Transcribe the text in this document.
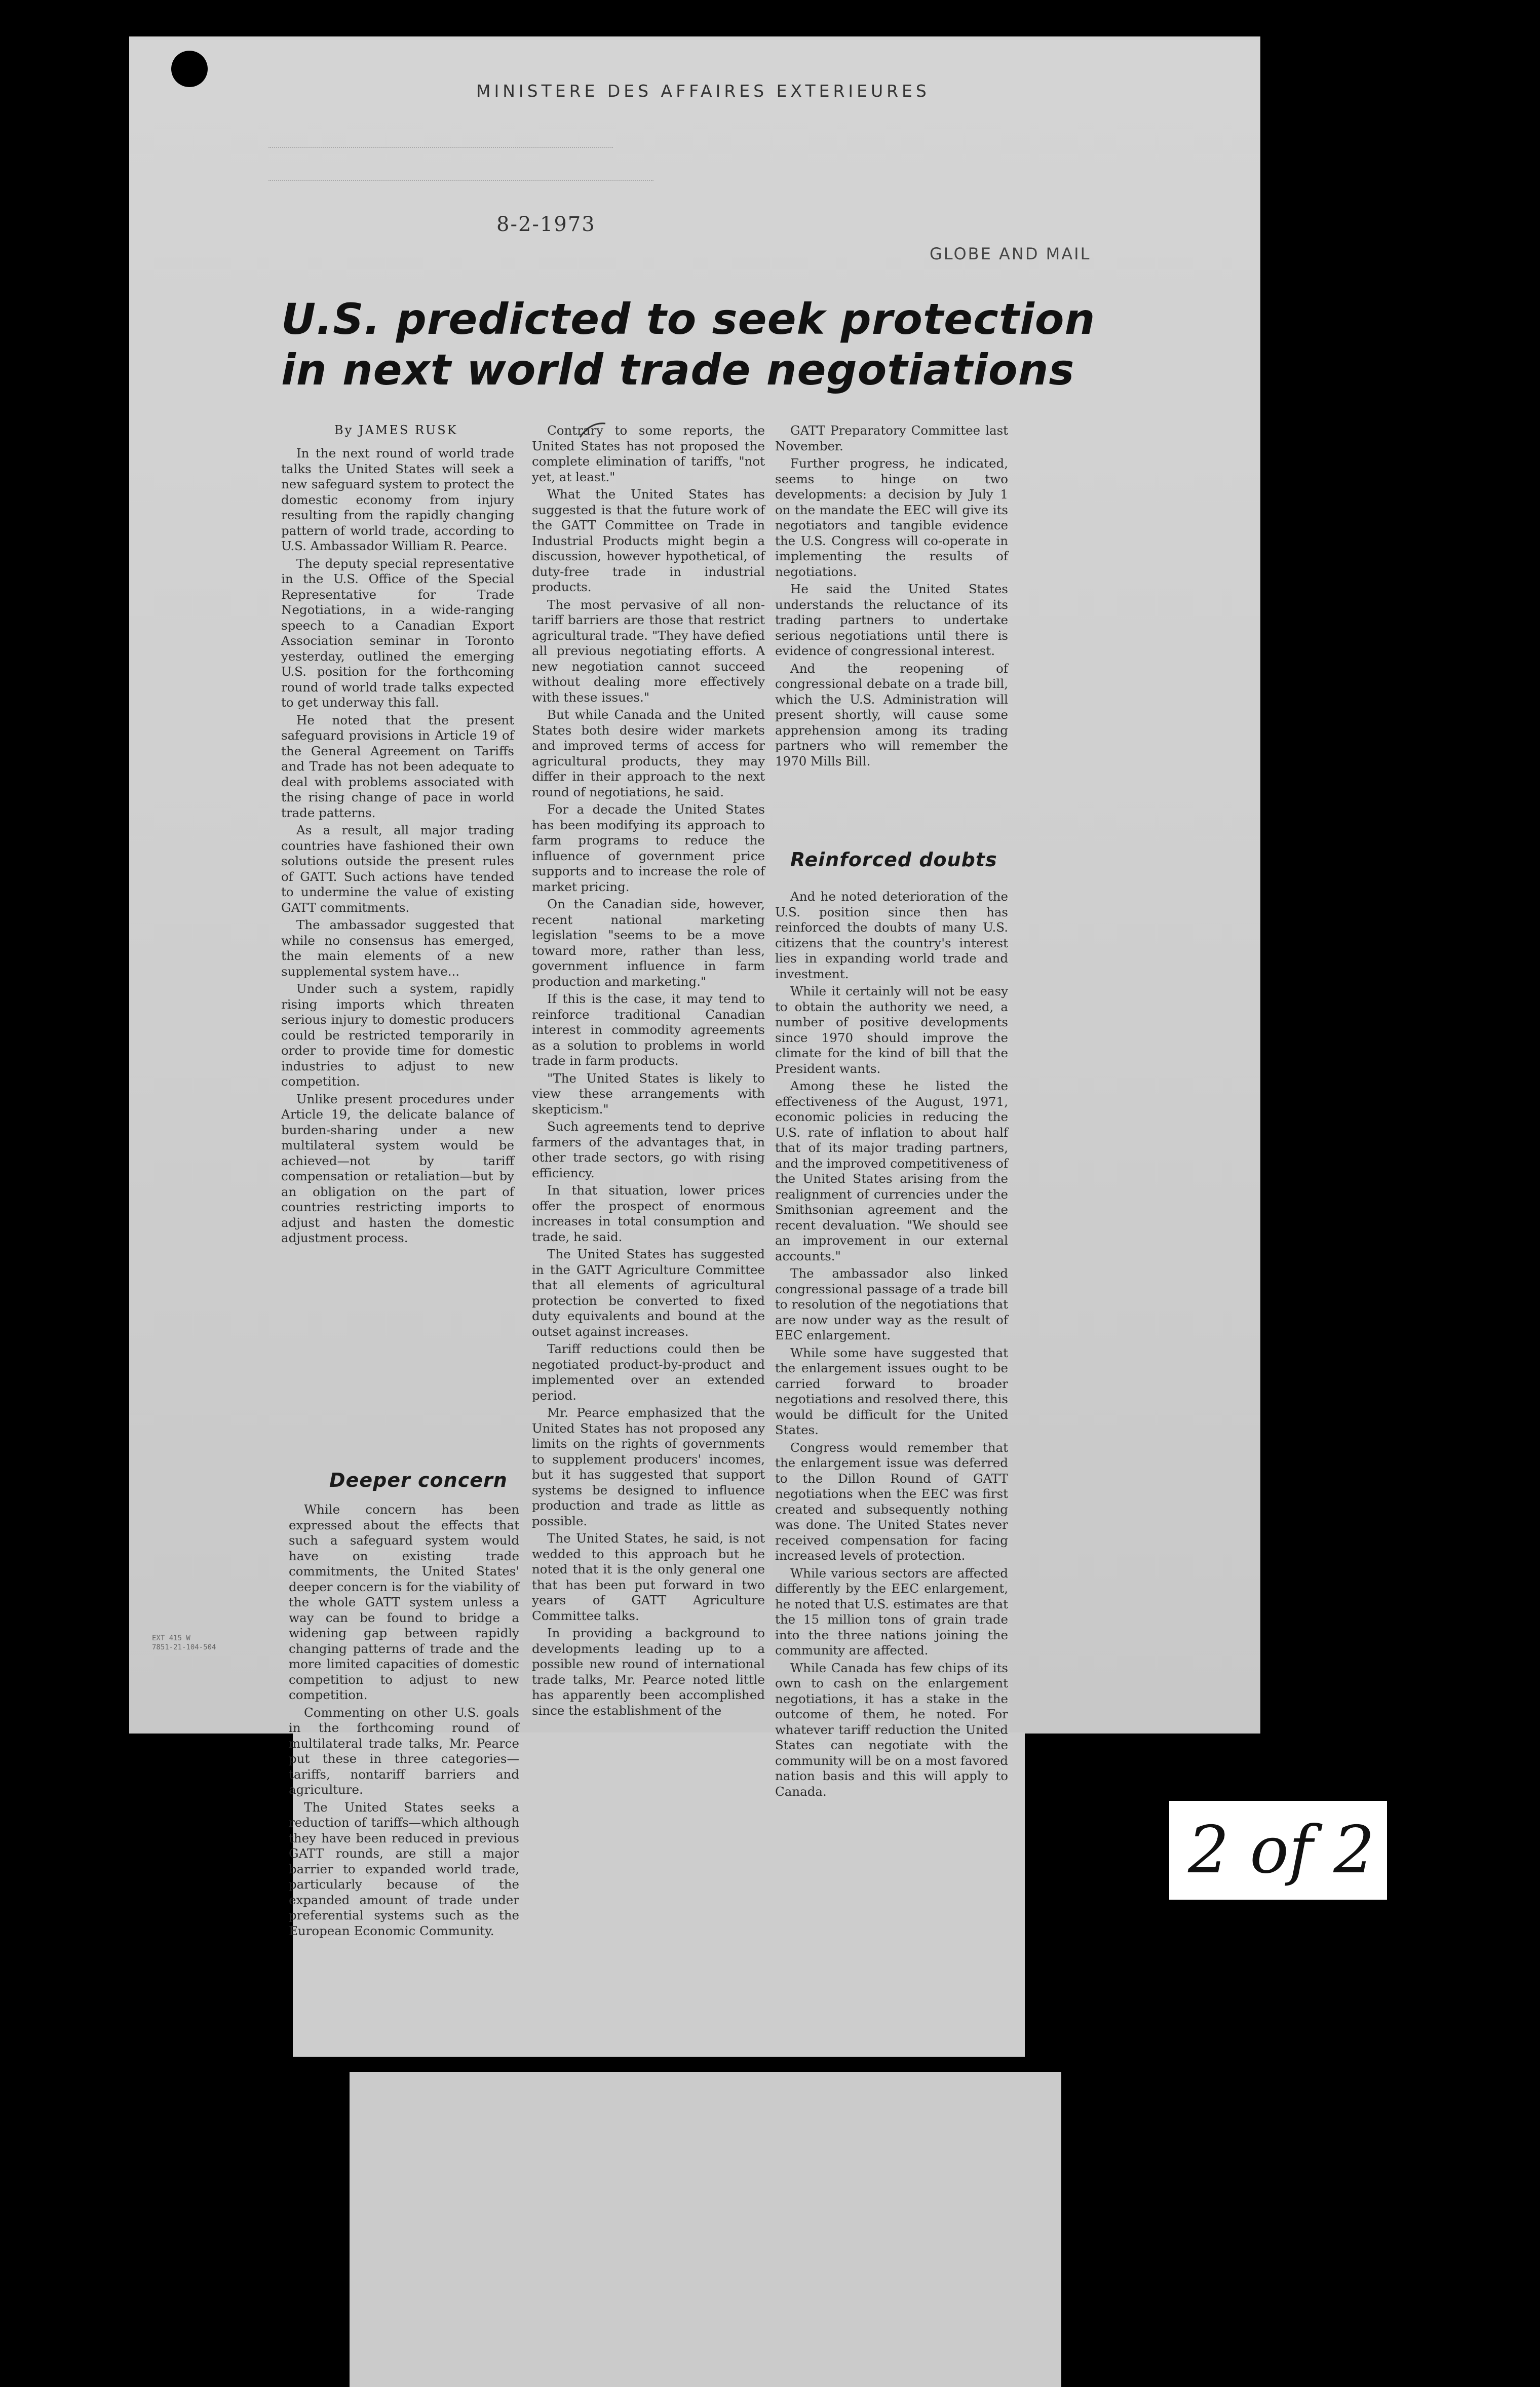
MINISTERE DES AFFAIRES EXTERIEURES
8-2-1973
GLOBE AND MAIL
U.S. predicted to seek protection
in next world trade negotiations
By JAMES RUSK

In the next round of world trade talks the United States will seek a new safeguard system to protect the domestic economy from injury resulting from the rapidly changing pattern of world trade, according to U.S. Ambassador William R. Pearce.

The deputy special representative in the U.S. Office of the Special Representative for Trade Negotiations, in a wide-ranging speech to a Canadian Export Association seminar in Toronto yesterday, outlined the emerging U.S. position for the forthcoming round of world trade talks expected to get underway this fall.

He noted that the present safeguard provisions in Article 19 of the General Agreement on Tariffs and Trade has not been adequate to deal with problems associated with the rising change of pace in world trade patterns.

As a result, all major trading countries have fashioned their own solutions outside the present rules of GATT. Such actions have tended to undermine the value of existing GATT commitments.

The ambassador suggested that while no consensus has emerged, the main elements of a new supplemental system have...

Under such a system, rapidly rising imports which threaten serious injury to domestic producers could be restricted temporarily in order to provide time for domestic industries to adjust to new competition.

Unlike present procedures under Article 19, the delicate balance of burden-sharing under a new multilateral system would be achieved—not by tariff compensation or retaliation—but by an obligation on the part of countries restricting imports to adjust and hasten the domestic adjustment process.

Deeper concern

While concern has been expressed about the effects that such a safeguard system would have on existing trade commitments, the United States' deeper concern is for the viability of the whole GATT system unless a way can be found to bridge a widening gap between rapidly changing patterns of trade and the more limited capacities of domestic competition to adjust to new competition.

Commenting on other U.S. goals in the forthcoming round of multilateral trade talks, Mr. Pearce put these in three categories—tariffs, nontariff barriers and agriculture.

The United States seeks a reduction of tariffs—which although they have been reduced in previous GATT rounds, are still a major barrier to expanded world trade, particularly because of the expanded amount of trade under preferential systems such as the European Economic Community.

Contrary to some reports, the United States has not proposed the complete elimination of tariffs, "not yet, at least."

What the United States has suggested is that the future work of the GATT Committee on Trade in Industrial Products might begin a discussion, however hypothetical, of duty-free trade in industrial products.

The most pervasive of all non-tariff barriers are those that restrict agricultural trade. "They have defied all previous negotiating efforts. A new negotiation cannot succeed without dealing more effectively with these issues."

But while Canada and the United States both desire wider markets and improved terms of access for agricultural products, they may differ in their approach to the next round of negotiations, he said.

For a decade the United States has been modifying its approach to farm programs to reduce the influence of government price supports and to increase the role of market pricing.

On the Canadian side, however, recent national marketing legislation "seems to be a move toward more, rather than less, government influence in farm production and marketing."

If this is the case, it may tend to reinforce traditional Canadian interest in commodity agreements as a solution to problems in world trade in farm products.

"The United States is likely to view these arrangements with skepticism."

Such agreements tend to deprive farmers of the advantages that, in other trade sectors, go with rising efficiency.

In that situation, lower prices offer the prospect of enormous increases in total consumption and trade, he said.

The United States has suggested in the GATT Agriculture Committee that all elements of agricultural protection be converted to fixed duty equivalents and bound at the outset against increases.

Tariff reductions could then be negotiated product-by-product and implemented over an extended period.

Mr. Pearce emphasized that the United States has not proposed any limits on the rights of governments to supplement producers' incomes, but it has suggested that support systems be designed to influence production and trade as little as possible.

The United States, he said, is not wedded to this approach but he noted that it is the only general one that has been put forward in two years of GATT Agriculture Committee talks.

In providing a background to developments leading up to a possible new round of international trade talks, Mr. Pearce noted little has apparently been accomplished since the establishment of the

GATT Preparatory Committee last November.

Further progress, he indicated, seems to hinge on two developments: a decision by July 1 on the mandate the EEC will give its negotiators and tangible evidence the U.S. Congress will co-operate in implementing the results of negotiations.

He said the United States understands the reluctance of its trading partners to undertake serious negotiations until there is evidence of congressional interest.

And the reopening of congressional debate on a trade bill, which the U.S. Administration will present shortly, will cause some apprehension among its trading partners who will remember the 1970 Mills Bill.

Reinforced doubts

And he noted deterioration of the U.S. position since then has reinforced the doubts of many U.S. citizens that the country's interest lies in expanding world trade and investment.

While it certainly will not be easy to obtain the authority we need, a number of positive developments since 1970 should improve the climate for the kind of bill that the President wants.

Among these he listed the effectiveness of the August, 1971, economic policies in reducing the U.S. rate of inflation to about half that of its major trading partners, and the improved competitiveness of the United States arising from the realignment of currencies under the Smithsonian agreement and the recent devaluation. "We should see an improvement in our external accounts."

The ambassador also linked congressional passage of a trade bill to resolution of the negotiations that are now under way as the result of EEC enlargement.

While some have suggested that the enlargement issues ought to be carried forward to broader negotiations and resolved there, this would be difficult for the United States.

Congress would remember that the enlargement issue was deferred to the Dillon Round of GATT negotiations when the EEC was first created and subsequently nothing was done. The United States never received compensation for facing increased levels of protection.

While various sectors are affected differently by the EEC enlargement, he noted that U.S. estimates are that the 15 million tons of grain trade into the three nations joining the community are affected.

While Canada has few chips of its own to cash on the enlargement negotiations, it has a stake in the outcome of them, he noted. For whatever tariff reduction the United States can negotiate with the community will be on a most favored nation basis and this will apply to Canada.

EXT 415 W
7851-21-104-504
2 of 2
